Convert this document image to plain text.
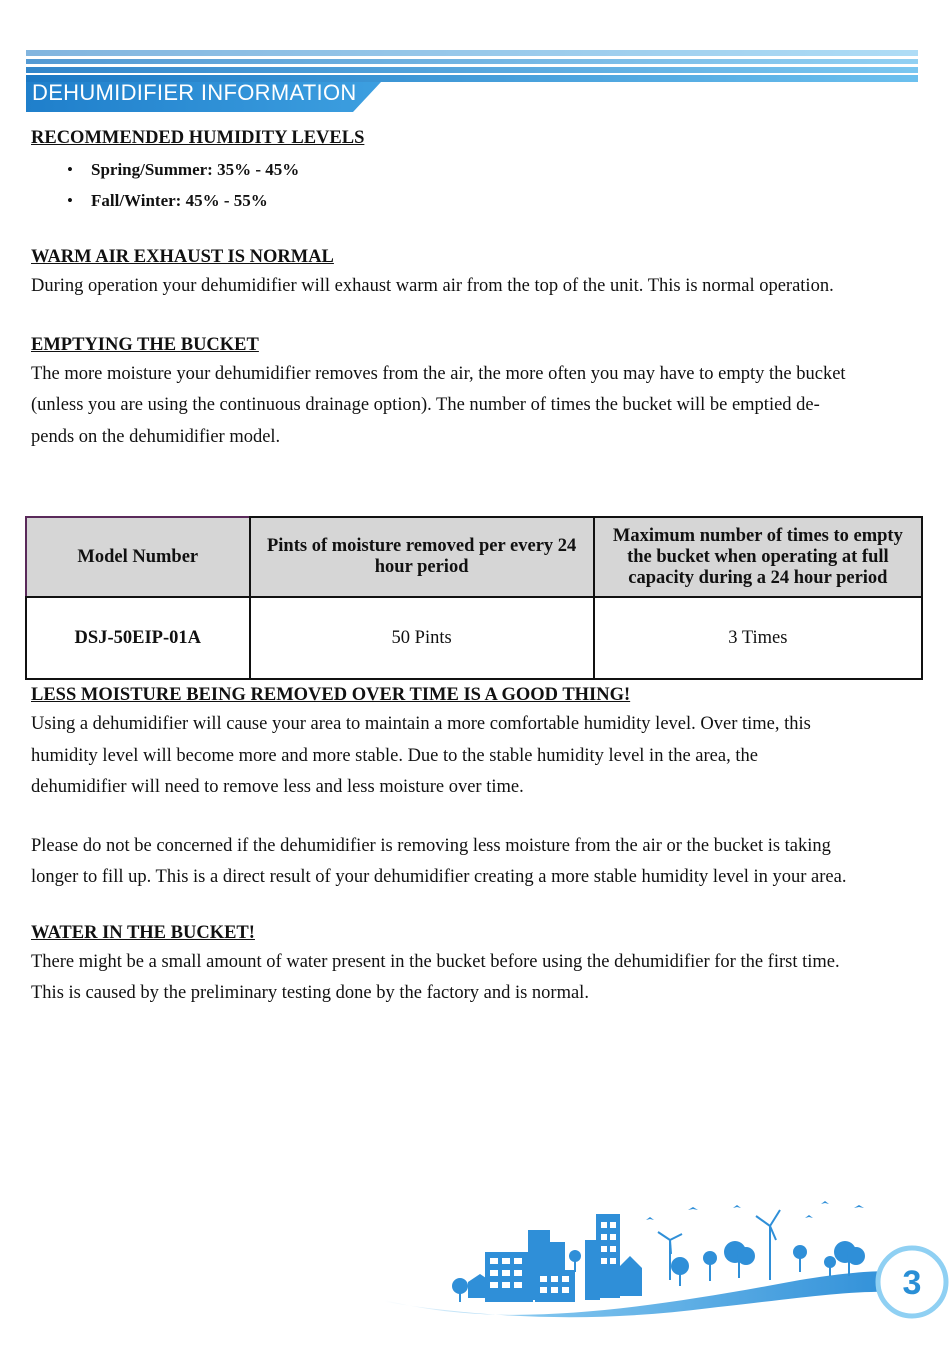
DEHUMIDIFIER INFORMATION

RECOMMENDED HUMIDITY LEVELS

• Spring/Summer: 35% - 45%
• Fall/Winter: 45% - 55%

WARM AIR EXHAUST IS NORMAL

During operation your dehumidifier will exhaust warm air from the top of the unit. This is normal operation.

EMPTYING THE BUCKET

The more moisture your dehumidifier removes from the air, the more often you may have to empty the bucket

(unless you are using the continuous drainage option). The number of times the bucket will be emptied de-

pends on the dehumidifier model.

Model Number	Pints of moisture removed per every 24 hour period	Maximum number of times to empty the bucket when operating at full capacity during a 24 hour period
DSJ-50EIP-01A	50 Pints	3 Times

LESS MOISTURE BEING REMOVED OVER TIME IS A GOOD THING!

Using a dehumidifier will cause your area to maintain a more comfortable humidity level. Over time, this

humidity level will become more and more stable. Due to the stable humidity level in the area, the

dehumidifier will need to remove less and less moisture over time.

Please do not be concerned if the dehumidifier is removing less moisture from the air or the bucket is taking

longer to fill up. This is a direct result of your dehumidifier creating a more stable humidity level in your area.

WATER IN THE BUCKET!

There might be a small amount of water present in the bucket before using the dehumidifier for the first time.

This is caused by the preliminary testing done by the factory and is normal.

3
